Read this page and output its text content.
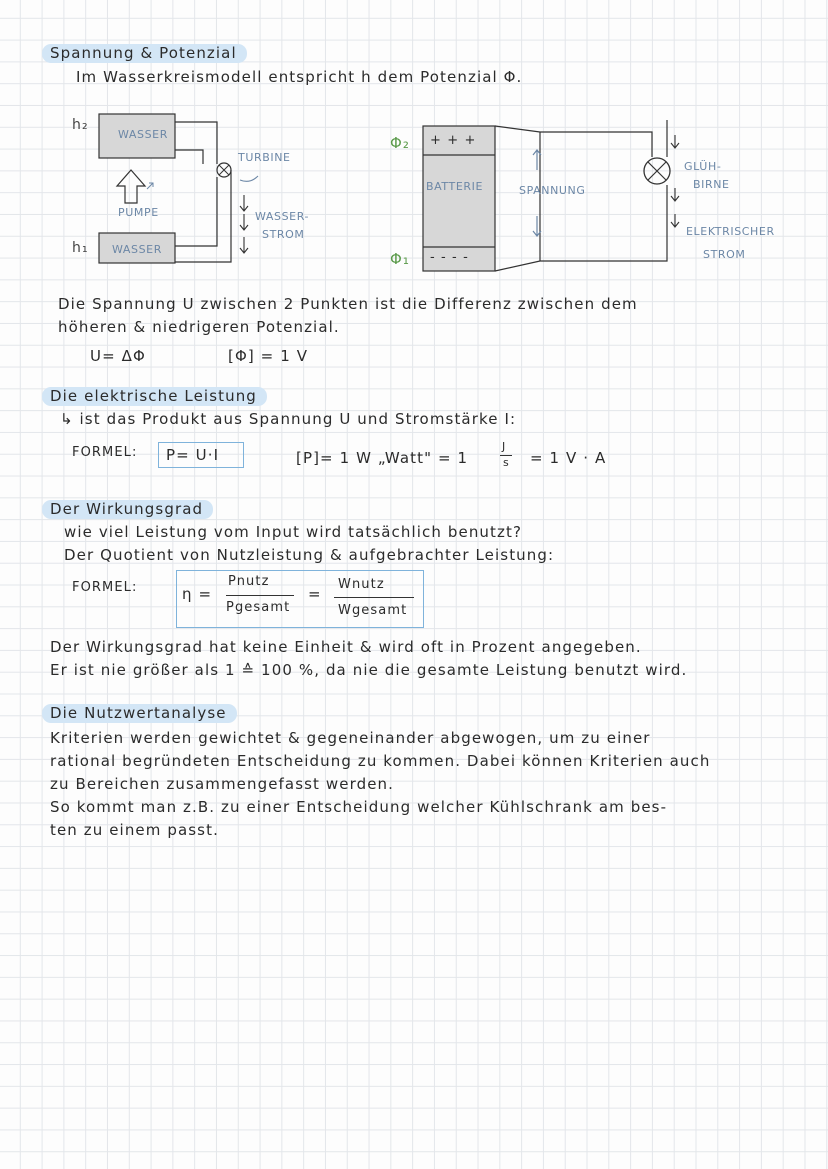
Spannung & Potenzial
Im Wasserkreismodell entspricht h dem Potenzial Φ.
h₂
h₁
WASSER
WASSER
PUMPE
TURBINE
WASSER-
STROM
Φ₂
Φ₁
+ + +
- - - -
BATTERIE	SPANNUNG
GLÜH-
BIRNE
ELEKTRISCHER
STROM
Die Spannung U zwischen 2 Punkten ist die Differenz zwischen dem
höheren & niedrigeren Potenzial.
U= ΔΦ	[Φ] = 1 V
Die elektrische Leistung
↳ ist das Produkt aus Spannung U und Stromstärke I:
FORMEL: P= U·I	[P]= 1 W „Watt" = 1
J
s = 1 V · A
Der Wirkungsgrad
wie viel Leistung vom Input wird tatsächlich benutzt?
Der Quotient von Nutzleistung & aufgebrachter Leistung:
FORMEL:	η =
Pnutz
Pgesamt
=
Wnutz
Wgesamt
Der Wirkungsgrad hat keine Einheit & wird oft in Prozent angegeben.
Er ist nie größer als 1 ≙ 100 %, da nie die gesamte Leistung benutzt wird.
Die Nutzwertanalyse
Kriterien werden gewichtet & gegeneinander abgewogen, um zu einer
rational begründeten Entscheidung zu kommen. Dabei können Kriterien auch
zu Bereichen zusammengefasst werden.
So kommt man z.B. zu einer Entscheidung welcher Kühlschrank am bes-
ten zu einem passt.
